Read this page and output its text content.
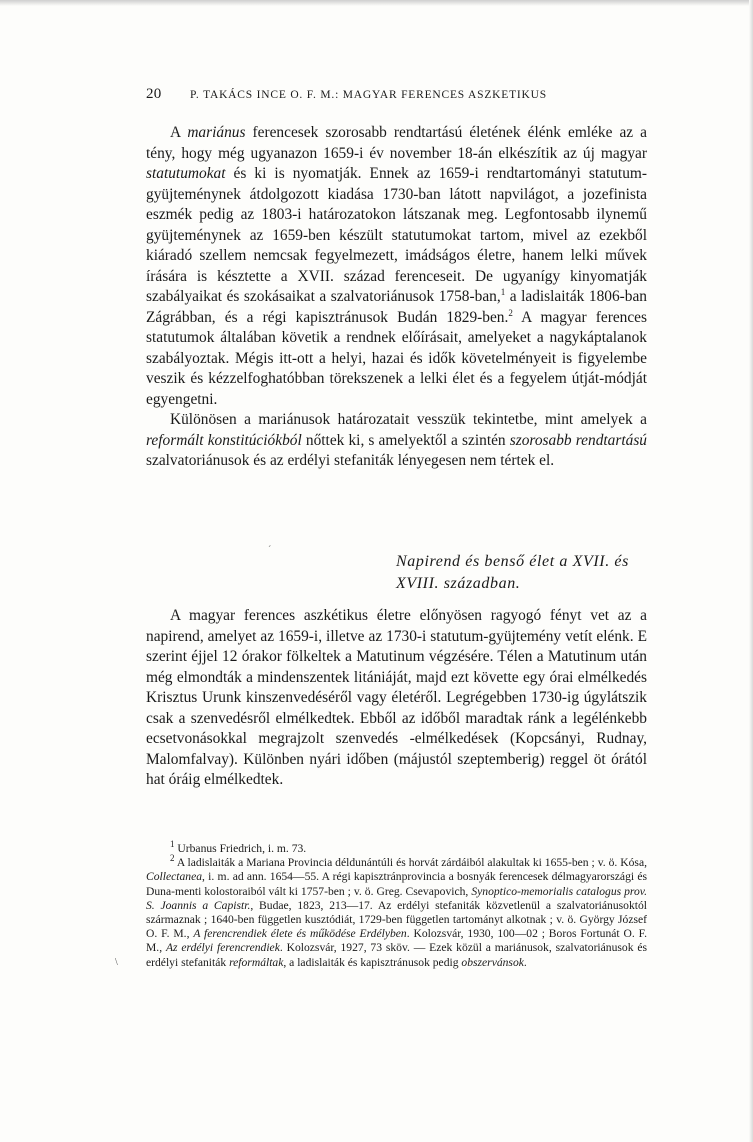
20 P. TAKÁCS INCE O. F. M.: MAGYAR FERENCES ASZKETIKUS

A mariánus ferencesek szorosabb rendtartású életének élénk emléke az a tény, hogy még ugyanazon 1659-i év november 18-án elkészítik az új magyar statutumokat és ki is nyomatják. Ennek az 1659-i rendtartományi statutum-gyüjteménynek átdolgozott kiadása 1730-ban látott napvilágot, a jozefinista eszmék pedig az 1803-i határozatokon látszanak meg. Legfontosabb ilynemű gyüjteménynek az 1659-ben készült statutumokat tartom, mivel az ezekből kiáradó szellem nemcsak fegyelmezett, imádságos életre, hanem lelki művek írására is késztette a XVII. század ferenceseit. De ugyanígy kinyomatják szabályaikat és szokásaikat a szalvatoriánusok 1758-ban,$^1$ a ladislaiták 1806-ban Zágrábban, és a régi kapisztránusok Budán 1829-ben.$^2$ A magyar ferences statutumok általában követik a rendnek előírásait, amelyeket a nagykáptalanok szabályoztak. Mégis itt-ott a helyi, hazai és idők követelményeit is figyelembe veszik és kézzelfoghatóbban törekszenek a lelki élet és a fegyelem útját-módját egyengetni.

Különösen a mariánusok határozatait vesszük tekintetbe, mint amelyek a reformált konstitúciókból nőttek ki, s amelyektől a szintén szorosabb rendtartású szalvatoriánusok és az erdélyi stefaniták lényegesen nem tértek el.

´
Napirend és benső élet a XVII. és
XVIII. században.

A magyar ferences aszkétikus életre előnyösen ragyogó fényt vet az a napirend, amelyet az 1659-i, illetve az 1730-i statutum-gyüjtemény vetít elénk. E szerint éjjel 12 órakor fölkeltek a Matutinum végzésére. Télen a Matutinum után még elmondták a mindenszentek litániáját, majd ezt követte egy órai elmélkedés Krisztus Urunk kinszenvedéséről vagy életéről. Legrégebben 1730-ig úgylátszik csak a szenvedésről elmélkedtek. Ebből az időből maradtak ránk a legélénkebb ecsetvonásokkal megrajzolt szenvedés -elmélkedések (Kopcsányi, Rudnay, Malomfalvay). Különben nyári időben (májustól szeptemberig) reggel öt órától hat óráig elmélkedtek.

\

$^1$ Urbanus Friedrich, i. m. 73.

$^2$ A ladislaiták a Mariana Provincia déldunántúli és horvát zárdáiból alakultak ki 1655-ben ; v. ö. Kósa, Collectanea, i. m. ad ann. 1654—55. A régi kapisztránprovincia a bosnyák ferencesek délmagyarországi és Duna-menti kolostoraiból vált ki 1757-ben ; v. ö. Greg. Csevapovich, Synoptico-memorialis catalogus prov. S. Joannis a Capistr., Budae, 1823, 213—17. Az erdélyi stefaniták közvetlenül a szalvatoriánusoktól származnak ; 1640-ben független kusztódiát, 1729-ben független tartományt alkotnak ; v. ö. György József O. F. M., A ferencrendiek élete és működése Erdélyben. Kolozsvár, 1930, 100—02 ; Boros Fortunát O. F. M., Az erdélyi ferencrendiek. Kolozsvár, 1927, 73 sköv. — Ezek közül a mariánusok, szalvatoriánusok és erdélyi stefaniták reformáltak, a ladislaiták és kapisztránusok pedig obszervánsok.
